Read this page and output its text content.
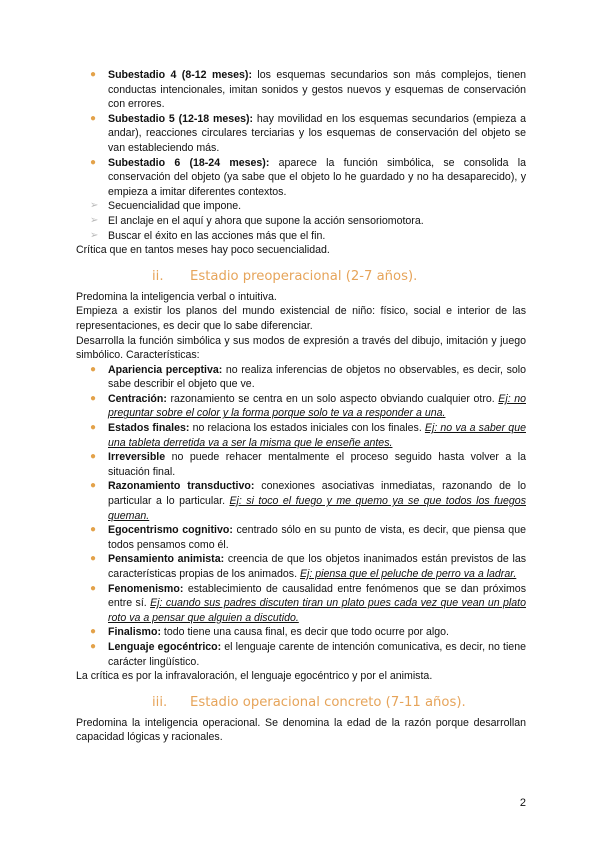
● Subestadio 4 (8-12 meses): los esquemas secundarios son más complejos, tienen conductas intencionales, imitan sonidos y gestos nuevos y esquemas de conservación con errores.
● Subestadio 5 (12-18 meses): hay movilidad en los esquemas secundarios (empieza a andar), reacciones circulares terciarias y los esquemas de conservación del objeto se van estableciendo más.
● Subestadio 6 (18-24 meses): aparece la función simbólica, se consolida la conservación del objeto (ya sabe que el objeto lo he guardado y no ha desaparecido), y empieza a imitar diferentes contextos.
➢ Secuencialidad que impone.
➢ El anclaje en el aquí y ahora que supone la acción sensoriomotora.
➢ Buscar el éxito en las acciones más que el fin.

Crítica que en tantos meses hay poco secuencialidad.

ii. Estadio preoperacional (2-7 años).

Predomina la inteligencia verbal o intuitiva.

Empieza a existir los planos del mundo existencial de niño: físico, social e interior de las representaciones, es decir que lo sabe diferenciar.

Desarrolla la función simbólica y sus modos de expresión a través del dibujo, imitación y juego simbólico. Características:

● Apariencia perceptiva: no realiza inferencias de objetos no observables, es decir, solo sabe describir el objeto que ve.
● Centración: razonamiento se centra en un solo aspecto obviando cualquier otro. Ej: no preguntar sobre el color y la forma porque solo te va a responder a una.
● Estados finales: no relaciona los estados iniciales con los finales. Ej: no va a saber que una tableta derretida va a ser la misma que le enseñe antes.
● Irreversible no puede rehacer mentalmente el proceso seguido hasta volver a la situación final.
● Razonamiento transductivo: conexiones asociativas inmediatas, razonando de lo particular a lo particular. Ej: si toco el fuego y me quemo ya se que todos los fuegos queman.
● Egocentrismo cognitivo: centrado sólo en su punto de vista, es decir, que piensa que todos pensamos como él.
● Pensamiento animista: creencia de que los objetos inanimados están previstos de las características propias de los animados. Ej: piensa que el peluche de perro va a ladrar.
● Fenomenismo: establecimiento de causalidad entre fenómenos que se dan próximos entre sí. Ej: cuando sus padres discuten tiran un plato pues cada vez que vean un plato roto va a pensar que alguien a discutido.
● Finalismo: todo tiene una causa final, es decir que todo ocurre por algo.
● Lenguaje egocéntrico: el lenguaje carente de intención comunicativa, es decir, no tiene carácter lingüístico.

La crítica es por la infravaloración, el lenguaje egocéntrico y por el animista.

iii. Estadio operacional concreto (7-11 años).

Predomina la inteligencia operacional. Se denomina la edad de la razón porque desarrollan capacidad lógicas y racionales.

2
